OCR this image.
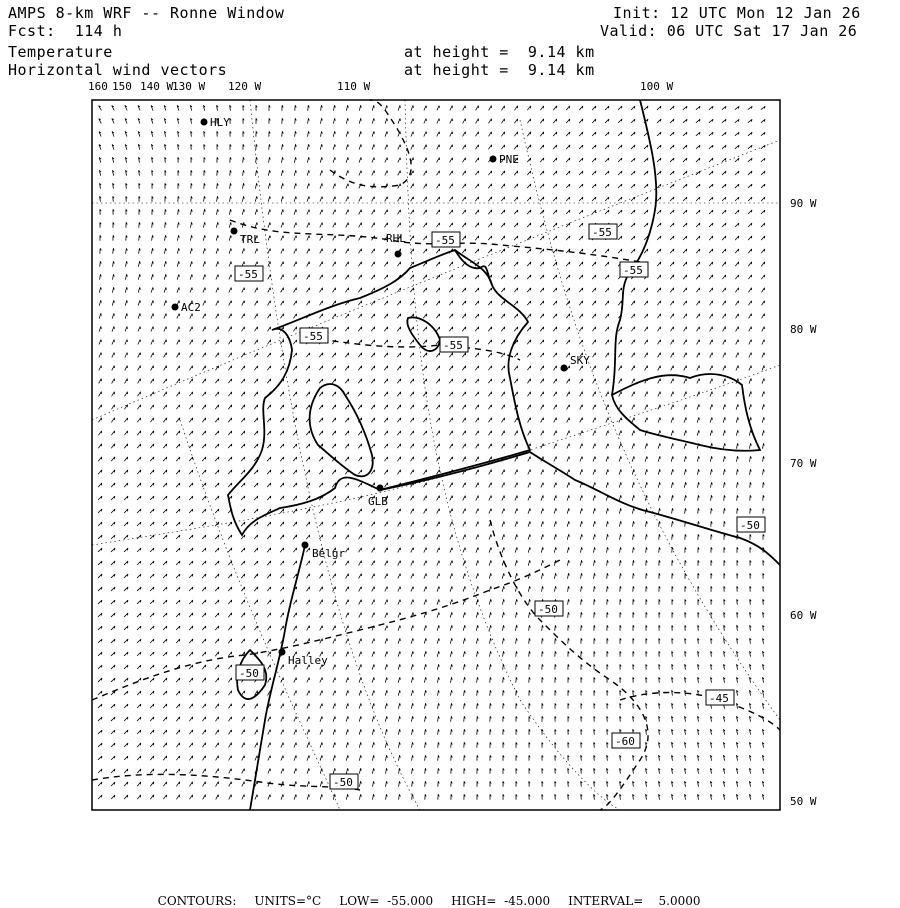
AMPS 8-km WRF -- Ronne Window
Fcst:  114 h
Init: 12 UTC Mon 12 Jan 26
Valid: 06 UTC Sat 17 Jan 26
Temperature
Horizontal wind vectors
at height =  9.14 km
at height =  9.14 km
-55
-55
-55	-55
-55
-55
-50
-50
-60
-45
-50
-50
HLY
PNE
TRL	RHL
AC2
SKY
GLB
Belgr
Halley
160 150 140 W
130 W 120 W	110 W	100 W
90 W
80 W
70 W
60 W
50 W

CONTOURS: UNITS=°C LOW=  -55.000 HIGH=  -45.000 INTERVAL=    5.0000
